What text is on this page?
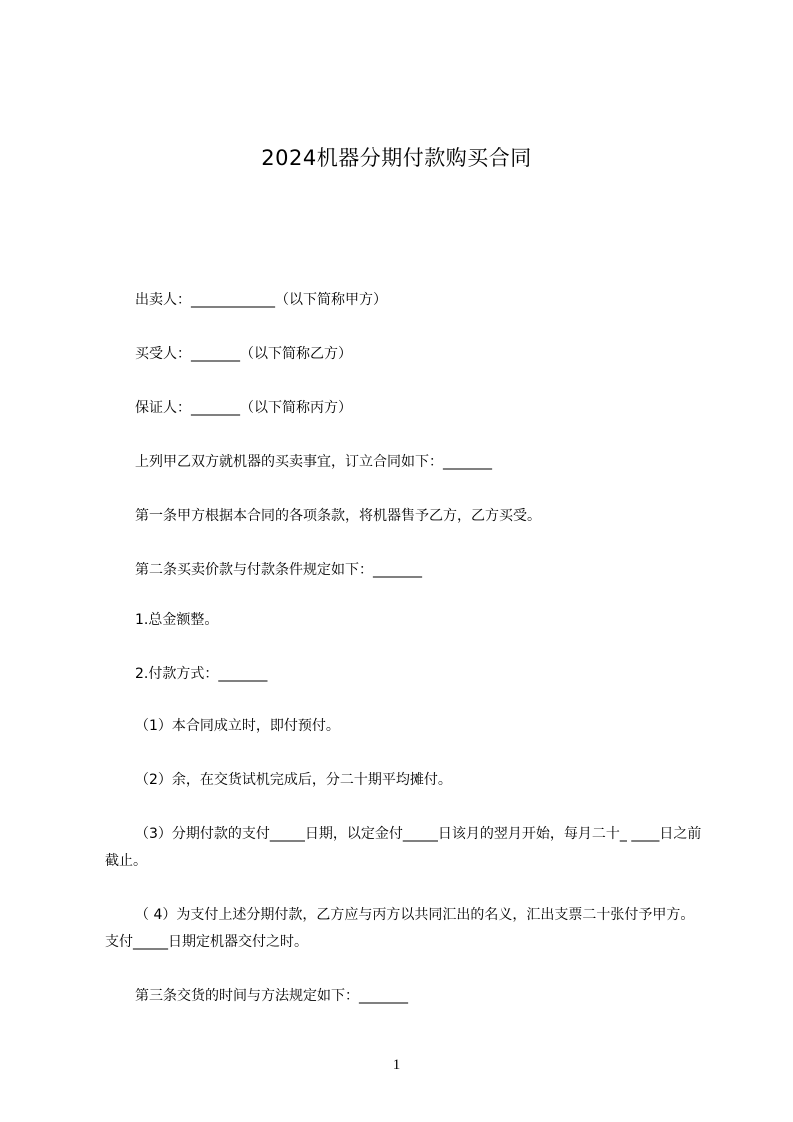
2024机器分期付款购买合同
出卖人：____________（以下简称甲方）
买受人：_______（以下简称乙方）
保证人：_______（以下简称丙方）
上列甲乙双方就机器的买卖事宜，订立合同如下：_______
第一条甲方根据本合同的各项条款，将机器售予乙方，乙方买受。
第二条买卖价款与付款条件规定如下：_______
1.总金额整。
2.付款方式：_______
（1）本合同成立时，即付预付。
（2）余，在交货试机完成后，分二十期平均摊付。
（3）分期付款的支付_____日期，以定金付_____日该月的翌月开始，每月二十_ ____日之前截止。
（ 4）为支付上述分期付款，乙方应与丙方以共同汇出的名义，汇出支票二十张付予甲方。支付_____日期定机器交付之时。
第三条交货的时间与方法规定如下：_______
1
